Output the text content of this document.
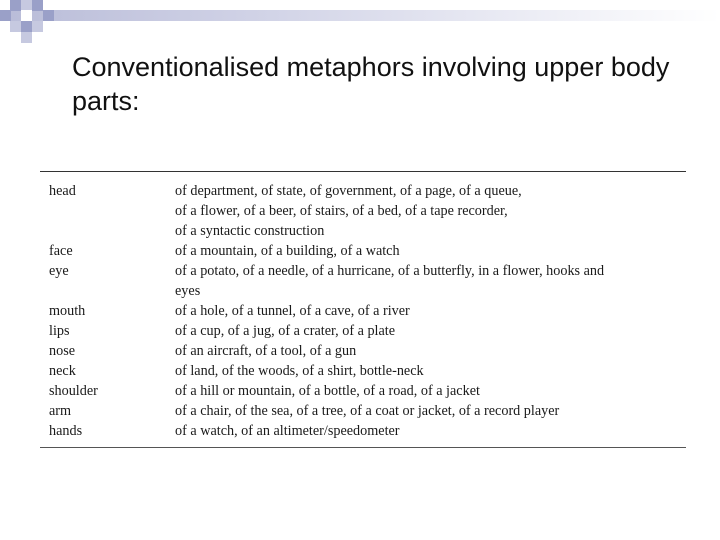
Conventionalised metaphors involving upper body parts:
head	of department, of state, of government, of a page, of a queue,
	of a flower, of a beer, of stairs, of a bed, of a tape recorder,
	of a syntactic construction
face	of a mountain, of a building, of a watch
eye	of a potato, of a needle, of a hurricane, of a butterfly, in a flower, hooks and
	eyes
mouth	of a hole, of a tunnel, of a cave, of a river
lips	of a cup, of a jug, of a crater, of a plate
nose	of an aircraft, of a tool, of a gun
neck	of land, of the woods, of a shirt, bottle-neck
shoulder	of a hill or mountain, of a bottle, of a road, of a jacket
arm	of a chair, of the sea, of a tree, of a coat or jacket, of a record player
hands	of a watch, of an altimeter/speedometer
